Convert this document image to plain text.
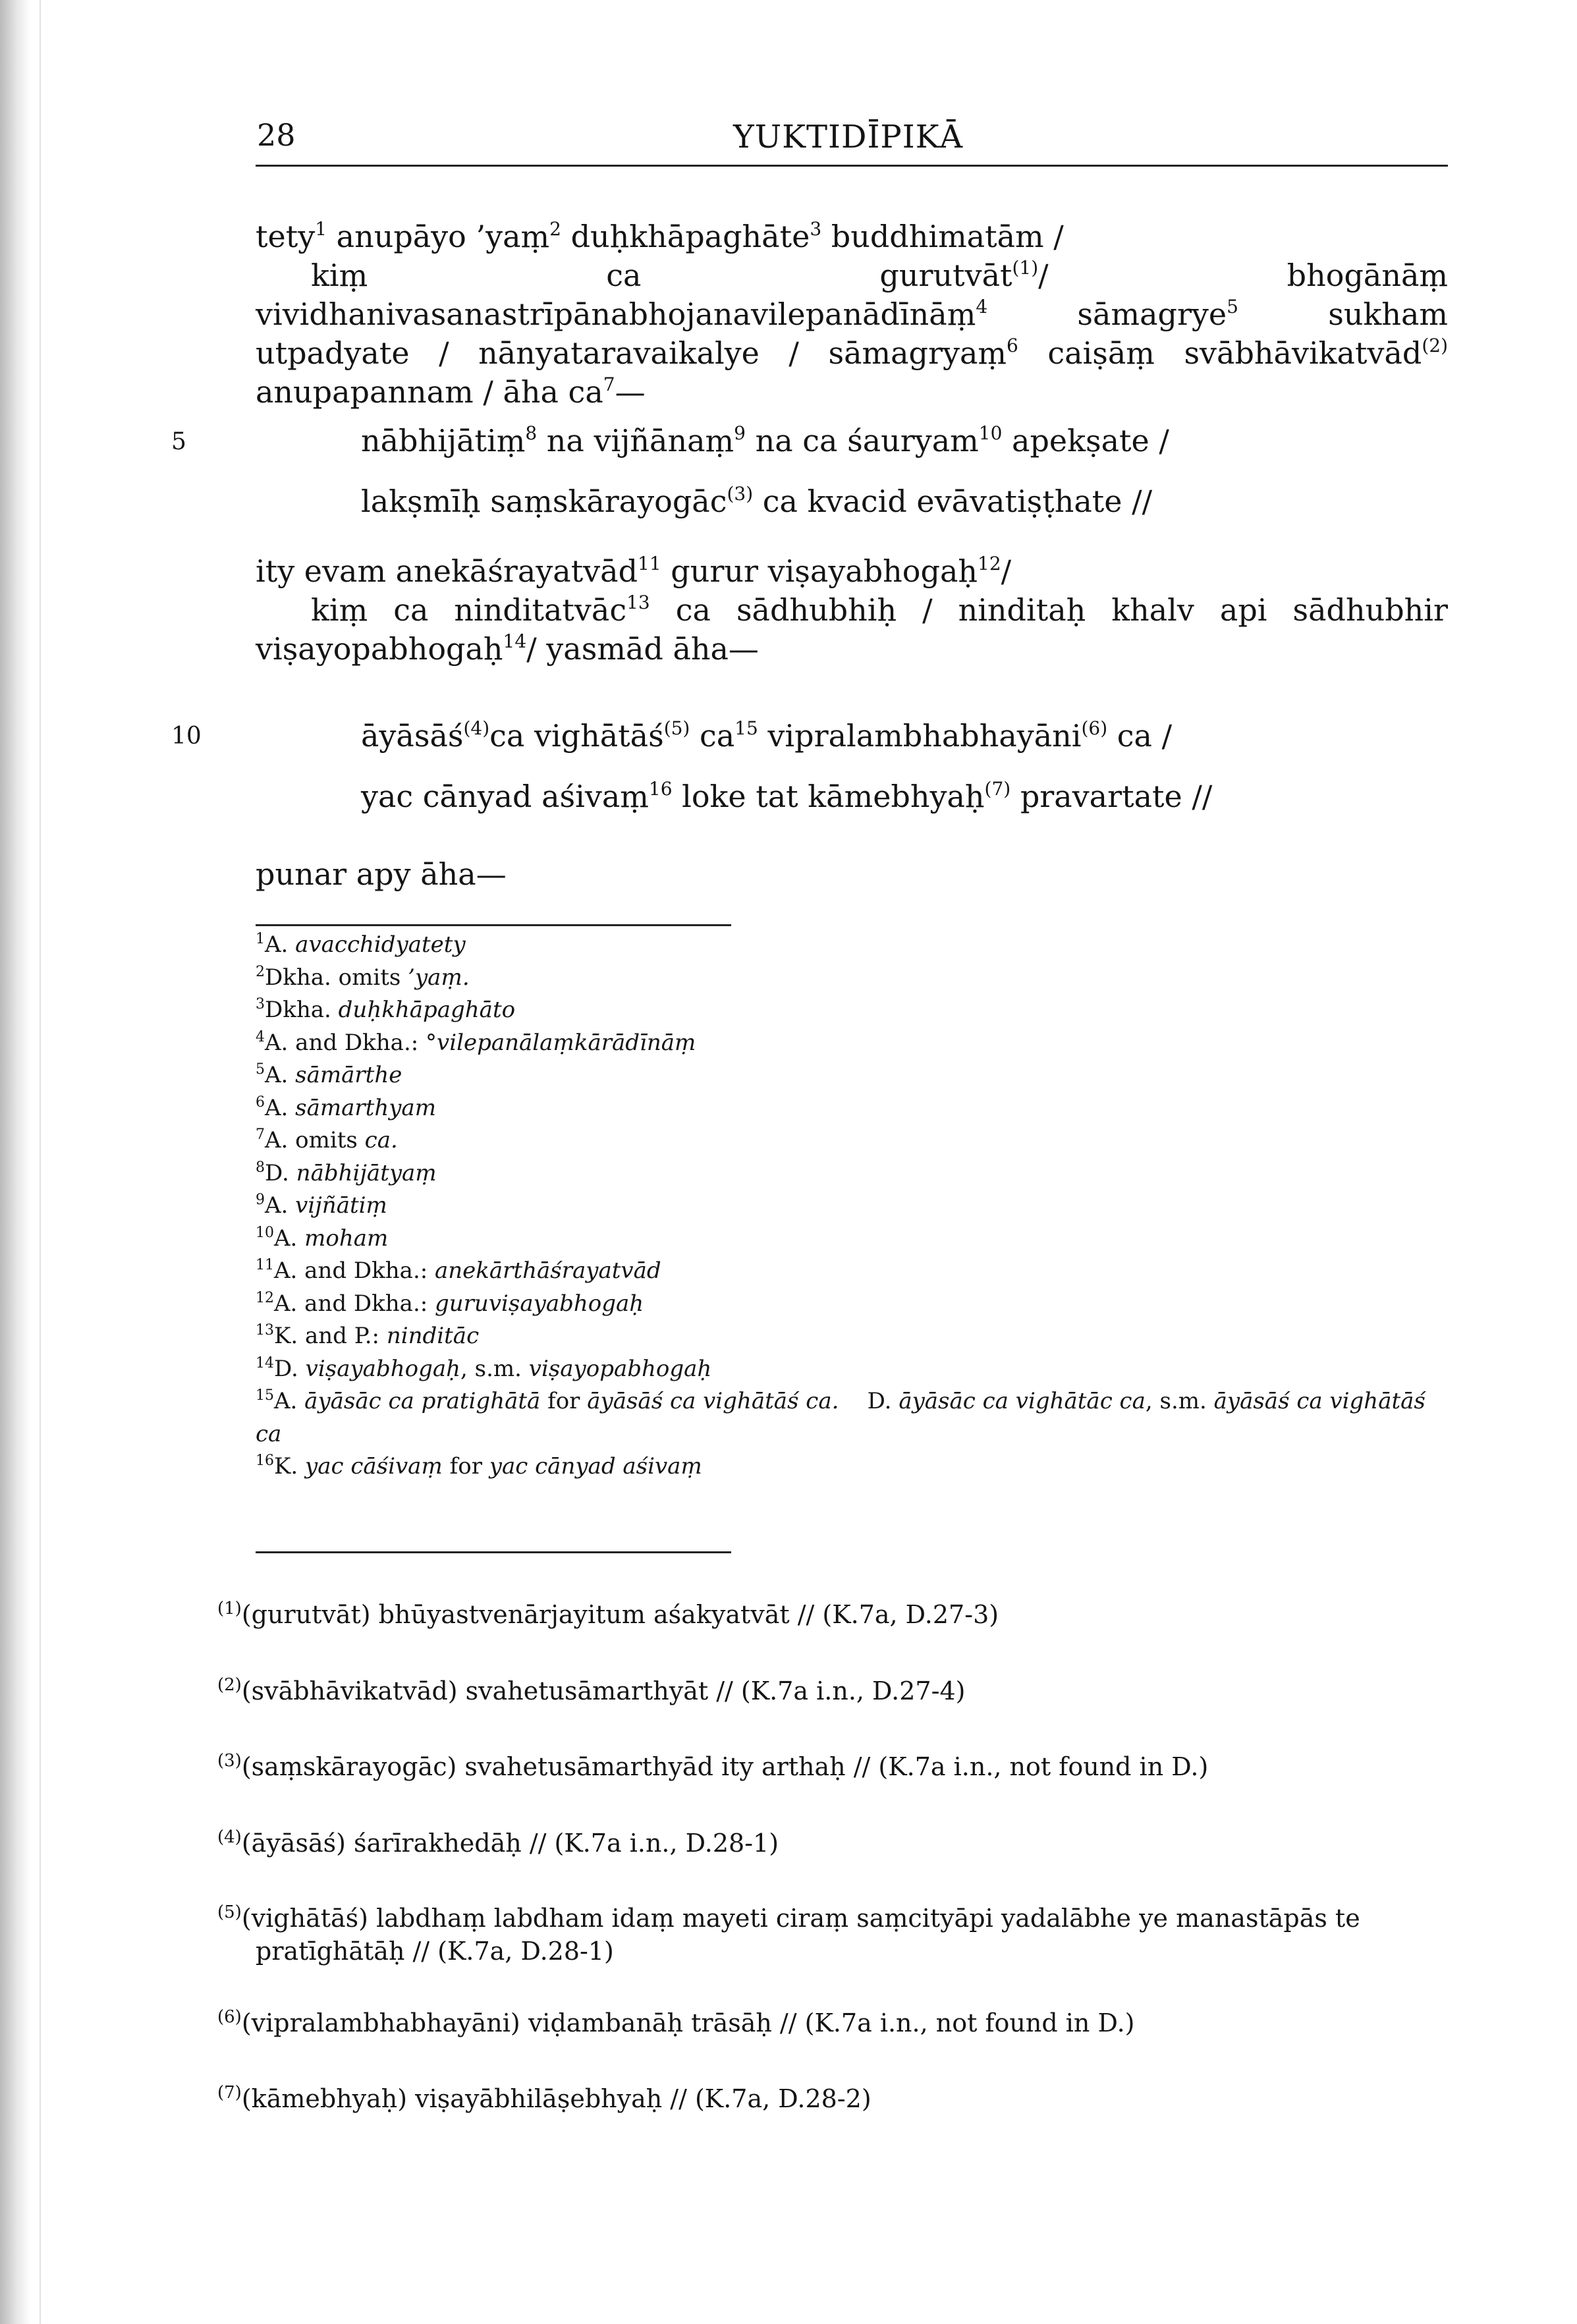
28	YUKTIDĪPIKĀ
tety$^1$ anupāyo ’yaṃ$^2$ duḥkhāpaghāte$^3$ buddhimatām /
kiṃ ca gurutvāt$^{(1)}$/ bhogānāṃ vividhanivasanastrīpānabhojanavilepanādīnāṃ$^4$ sāmagrye$^5$ sukham utpadyate / nānyataravaikalye / sāmagryaṃ$^6$ caiṣāṃ svābhāvikatvād$^{(2)}$ anupapannam / āha $ca^7—$
5	nābhijātiṃ$^8$ na vijñānaṃ$^9$ na ca śauryam$^{10}$ apekṣate /
lakṣmīḥ saṃskārayogāc$^{(3)}$ ca kvacid evāvatiṣṭhate //
ity evam anekāśrayatvād$^{11}$ gurur viṣayabhogaḥ$^{12}$/
kiṃ ca ninditatvāc$^{13}$ ca sādhubhiḥ / ninditaḥ khalv api sādhubhir viṣayopabhogaḥ$^{14}$/ yasmād āha—
10	āyāsāś$^{(4)}$ca vighātāś$^{(5)}$ $ca^{15}$ vipralambhabhayāni$^{(6)}$ ca /
yac cānyad aśivaṃ$^{16}$ loke tat kāmebhyaḥ$^{(7)}$ pravartate //
punar apy āha—
$^1$A. avacchidyatety
$^2$Dkha. omits ’yaṃ.
$^3$Dkha. duḥkhāpaghāto
$^4$A. and Dkha.: °vilepanālaṃkārādīnāṃ
$^5$A. sāmārthe
$^6$A. sāmarthyam
$^7$A. omits ca.
$^8$D. nābhijātyaṃ
$^9$A. vijñātiṃ
$^{10}$A. moham
$^{11}$A. and Dkha.: anekārthāśrayatvād
$^{12}$A. and Dkha.: guruviṣayabhogaḥ
$^{13}$K. and P.: ninditāc
$^{14}$D. viṣayabhogaḥ, s.m. viṣayopabhogaḥ
$^{15}$A. āyāsāc ca pratighātā for āyāsāś ca vighātāś ca.    D. āyāsāc ca vighātāc ca, s.m. āyāsāś ca vighātāś ca
$^{16}$K. yac cāśivaṃ for yac cānyad aśivaṃ
$^{(1)}$(gurutvāt) bhūyastvenārjayitum aśakyatvāt // (K.7a, D.27-3)
$^{(2)}$(svābhāvikatvād) svahetusāmarthyāt // (K.7a i.n., D.27-4)
$^{(3)}$(saṃskārayogāc) svahetusāmarthyād ity arthaḥ // (K.7a i.n., not found in D.)
$^{(4)}$(āyāsāś) śarīrakhedāḥ // (K.7a i.n., D.28-1)
$^{(5)}$(vighātāś) labdhaṃ labdham idaṃ mayeti ciraṃ saṃcityāpi yadalābhe ye manastāpās te
pratīghātāḥ // (K.7a, D.28-1)
$^{(6)}$(vipralambhabhayāni) viḍambanāḥ trāsāḥ // (K.7a i.n., not found in D.)
$^{(7)}$(kāmebhyaḥ) viṣayābhilāṣebhyaḥ // (K.7a, D.28-2)
